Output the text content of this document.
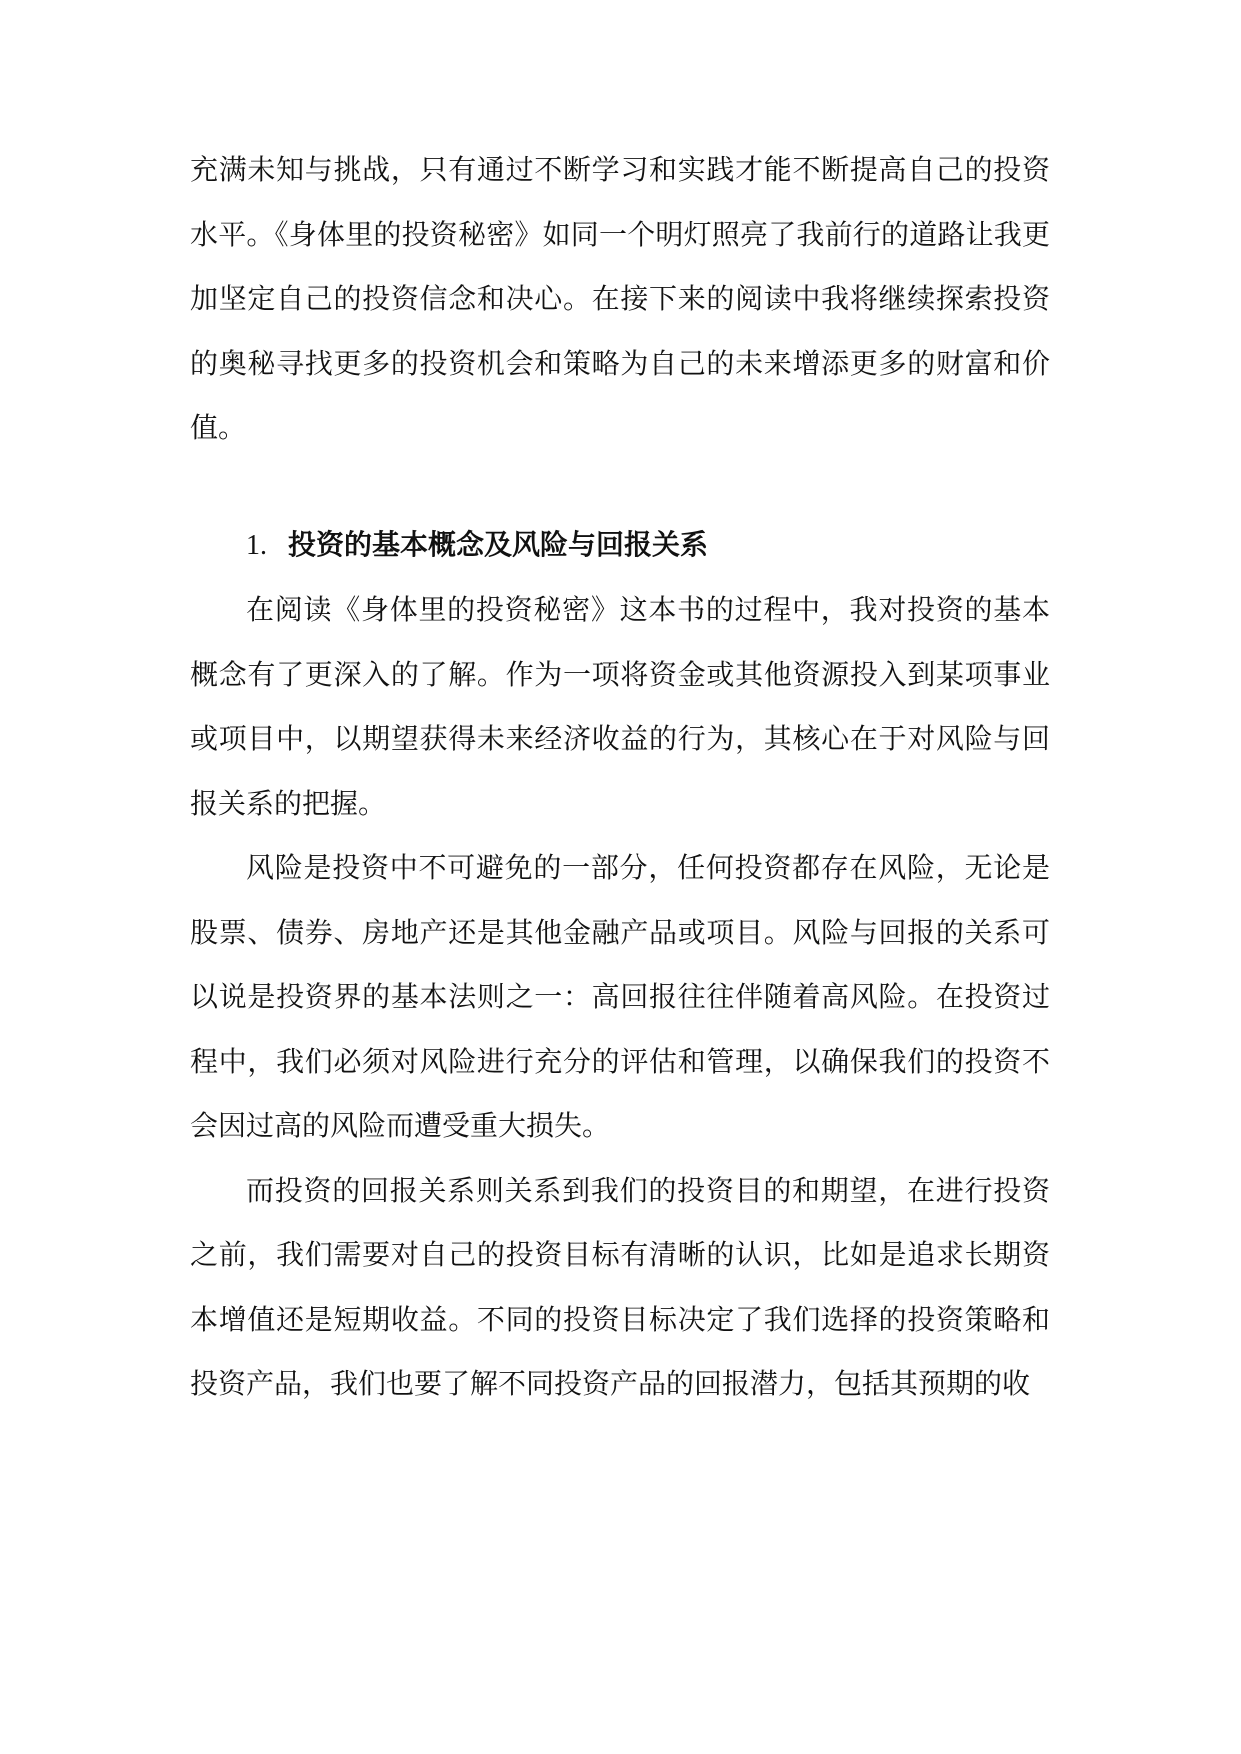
充满未知与挑战，只有通过不断学习和实践才能不断提高自己的投资水平。《身体里的投资秘密》如同一个明灯照亮了我前行的道路让我更加坚定自己的投资信念和决心。在接下来的阅读中我将继续探索投资的奥秘寻找更多的投资机会和策略为自己的未来增添更多的财富和价值。

1. 投资的基本概念及风险与回报关系

在阅读《身体里的投资秘密》这本书的过程中，我对投资的基本概念有了更深入的了解。作为一项将资金或其他资源投入到某项事业或项目中，以期望获得未来经济收益的行为，其核心在于对风险与回报关系的把握。

风险是投资中不可避免的一部分，任何投资都存在风险，无论是股票、债券、房地产还是其他金融产品或项目。风险与回报的关系可以说是投资界的基本法则之一：高回报往往伴随着高风险。在投资过程中，我们必须对风险进行充分的评估和管理，以确保我们的投资不会因过高的风险而遭受重大损失。

而投资的回报关系则关系到我们的投资目的和期望，在进行投资之前，我们需要对自己的投资目标有清晰的认识，比如是追求长期资本增值还是短期收益。不同的投资目标决定了我们选择的投资策略和投资产品，我们也要了解不同投资产品的回报潜力，包括其预期的收
